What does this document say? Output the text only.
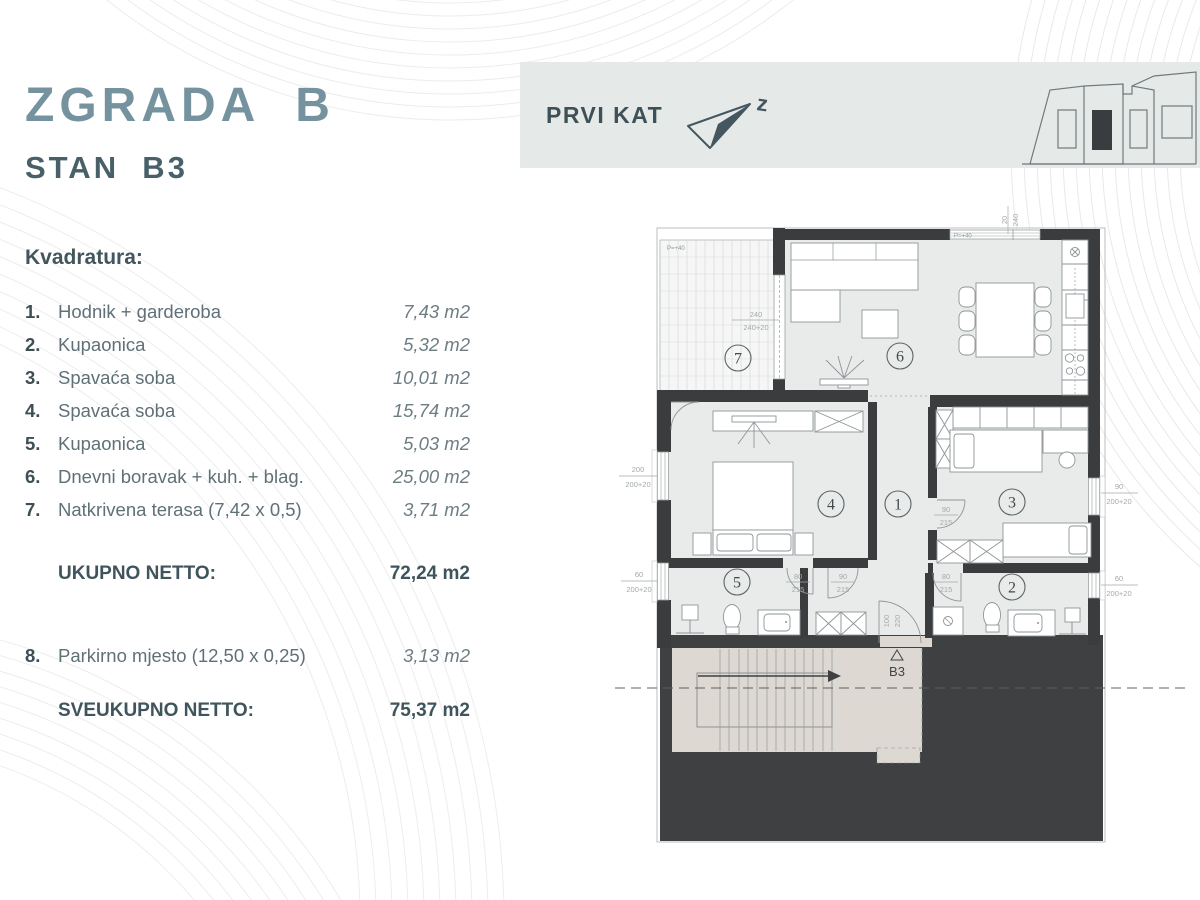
ZGRADA  B
STAN  B3
Kvadratura:
1. Hodnik + garderoba	7,43 m2
2. Kupaonica	5,32 m2
3. Spavaća soba	10,01 m2
4. Spavaća soba	15,74 m2
5. Kupaonica	5,03 m2
6. Dnevni boravak + kuh. + blag.	25,00 m2
7. Natkrivena terasa (7,42 x 0,5)	3,71 m2
UKUPNO NETTO:	72,24 m2
8. Parkirno mjesto (12,50 x 0,25)	3,13 m2
SVEUKUPNO NETTO:	75,37 m2
PRVI KAT	z
P=+40
P=+40
240
240+20
20 240
90
200+20
60
200+20
200
200+20
60
200+20
80
215
90
215
90
215
80
215
100 220
7	6
4	1	3
5	2
B3
